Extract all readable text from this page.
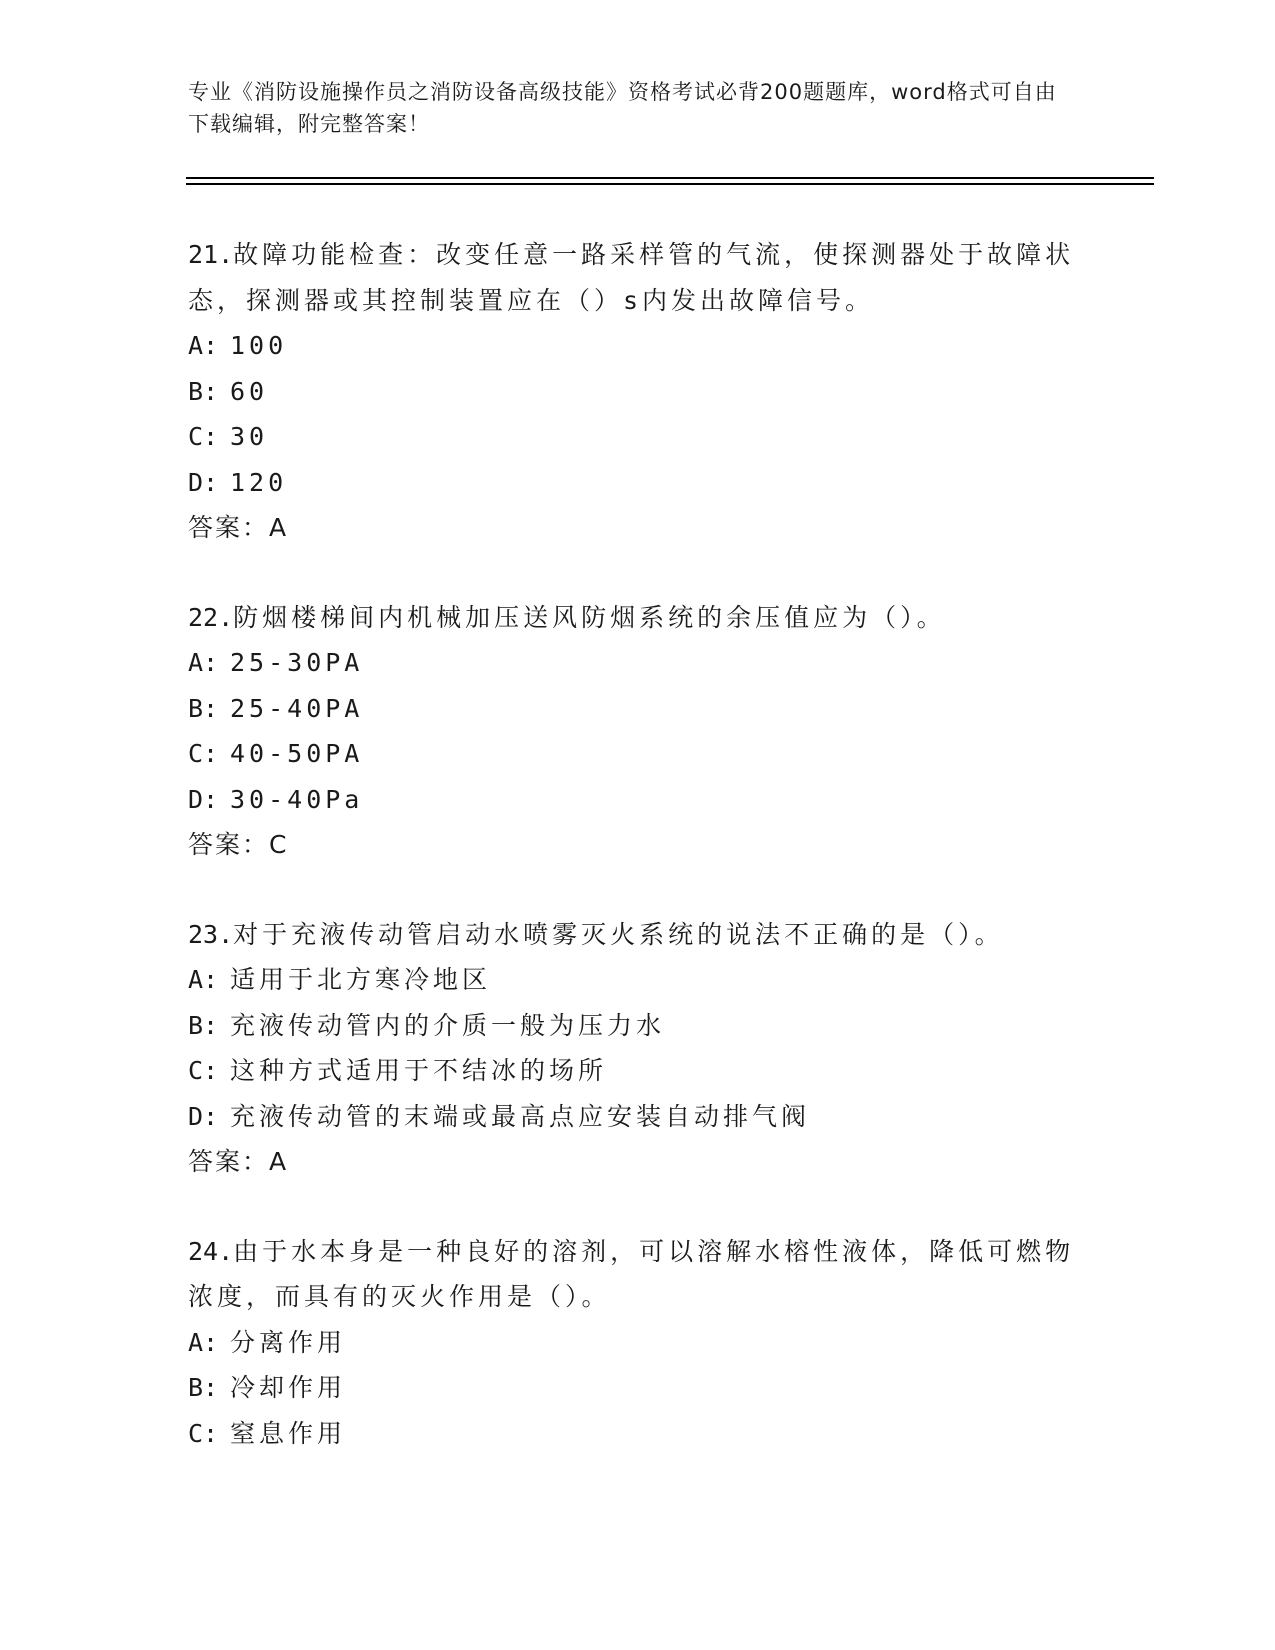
专业《消防设施操作员之消防设备高级技能》资格考试必背200题题库，word格式可自由下载编辑，附完整答案！
21.故障功能检查：改变任意一路采样管的气流，使探测器处于故障状态，探测器或其控制装置应在（）s内发出故障信号。
A: 100
B: 60
C: 30
D: 120
答案：A
22.防烟楼梯间内机械加压送风防烟系统的余压值应为（）。
A: 25-30PA
B: 25-40PA
C: 40-50PA
D: 30-40Pa
答案：C
23.对于充液传动管启动水喷雾灭火系统的说法不正确的是（）。
A: 适用于北方寒冷地区
B: 充液传动管内的介质一般为压力水
C: 这种方式适用于不结冰的场所
D: 充液传动管的末端或最高点应安装自动排气阀
答案：A
24.由于水本身是一种良好的溶剂，可以溶解水榕性液体，降低可燃物浓度，而具有的灭火作用是（）。
A: 分离作用
B: 冷却作用
C: 窒息作用
